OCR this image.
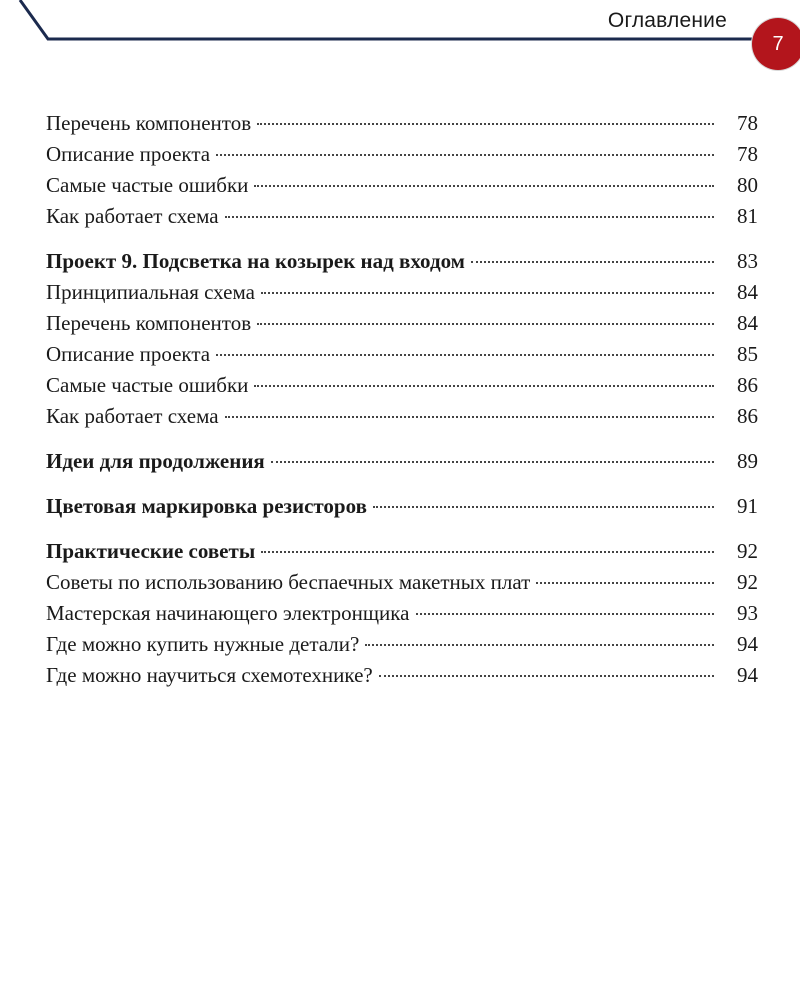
Оглавление
7
Перечень компонентов	78
Описание проекта	78
Самые частые ошибки	80
Как работает схема	81
Проект 9. Подсветка на козырек над входом	83
Принципиальная схема	84
Перечень компонентов	84
Описание проекта	85
Самые частые ошибки	86
Как работает схема	86
Идеи для продолжения	89
Цветовая маркировка резисторов	91
Практические советы	92
Советы по использованию беспаечных макетных плат	92
Мастерская начинающего электронщика	93
Где можно купить нужные детали?	94
Где можно научиться схемотехнике?	94
